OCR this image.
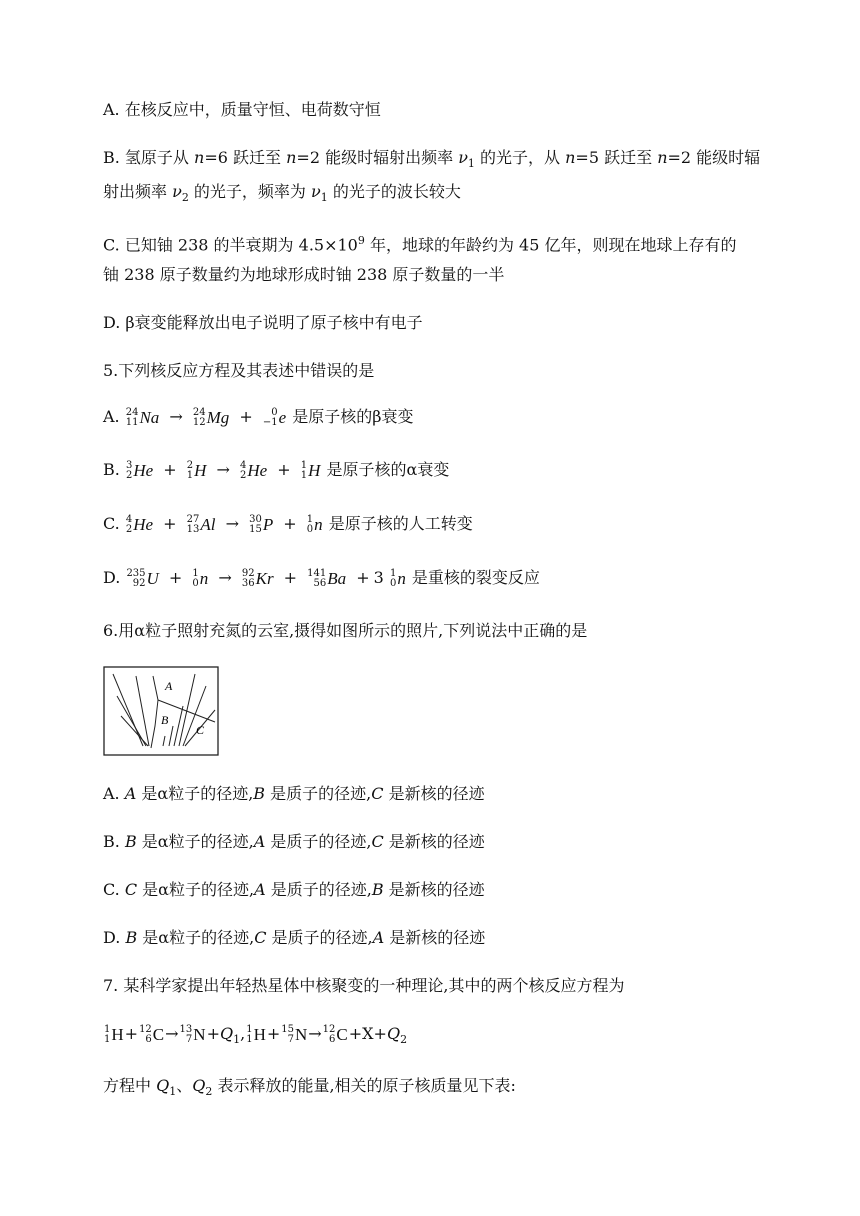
A. 在核反应中，质量守恒、电荷数守恒
B. 氢原子从 n=6 跃迁至 n=2 能级时辐射出频率 $\nu_1$ 的光子，从 n=5 跃迁至 n=2 能级时辐
射出频率 $\nu_2$ 的光子，频率为 $\nu_1$ 的光子的波长较大
C. 已知铀 238 的半衰期为 $4.5\times 10^9$ 年，地球的年龄约为 45 亿年，则现在地球上存有的
铀 238 原子数量约为地球形成时铀 238 原子数量的一半
D. β衰变能释放出电子说明了原子核中有电子
5.下列核反应方程及其表述中错误的是
A. 24
11 Na → 24
12 Mg + 0
−1 e 是原子核的β衰变
B. 3
2 He + 2
1 H → 4
2 He + 1
1 H 是原子核的α衰变
C. 4
2 He + 27
13 Al → 30
15 P + 1
0 n 是原子核的人工转变
D. 235
92 U + 1
0 n → 92
36 Kr + 141
56 Ba + 3 1
0 n 是重核的裂变反应
6.用α粒子照射充氮的云室,摄得如图所示的照片,下列说法中正确的是
A
B
C
A. A 是α粒子的径迹,B 是质子的径迹,C 是新核的径迹
B. B 是α粒子的径迹,A 是质子的径迹,C 是新核的径迹
C. C 是α粒子的径迹,A 是质子的径迹,B 是新核的径迹
D. B 是α粒子的径迹,C 是质子的径迹,A 是新核的径迹
7. 某科学家提出年轻热星体中核聚变的一种理论,其中的两个核反应方程为
1
1 H + 12
6 C → 13
7 $N +Q_1$, 1
1 H + 15
7 N → 12
6 $C +X+Q_2$
方程中 $Q_1$、$Q_2$ 表示释放的能量,相关的原子核质量见下表:
